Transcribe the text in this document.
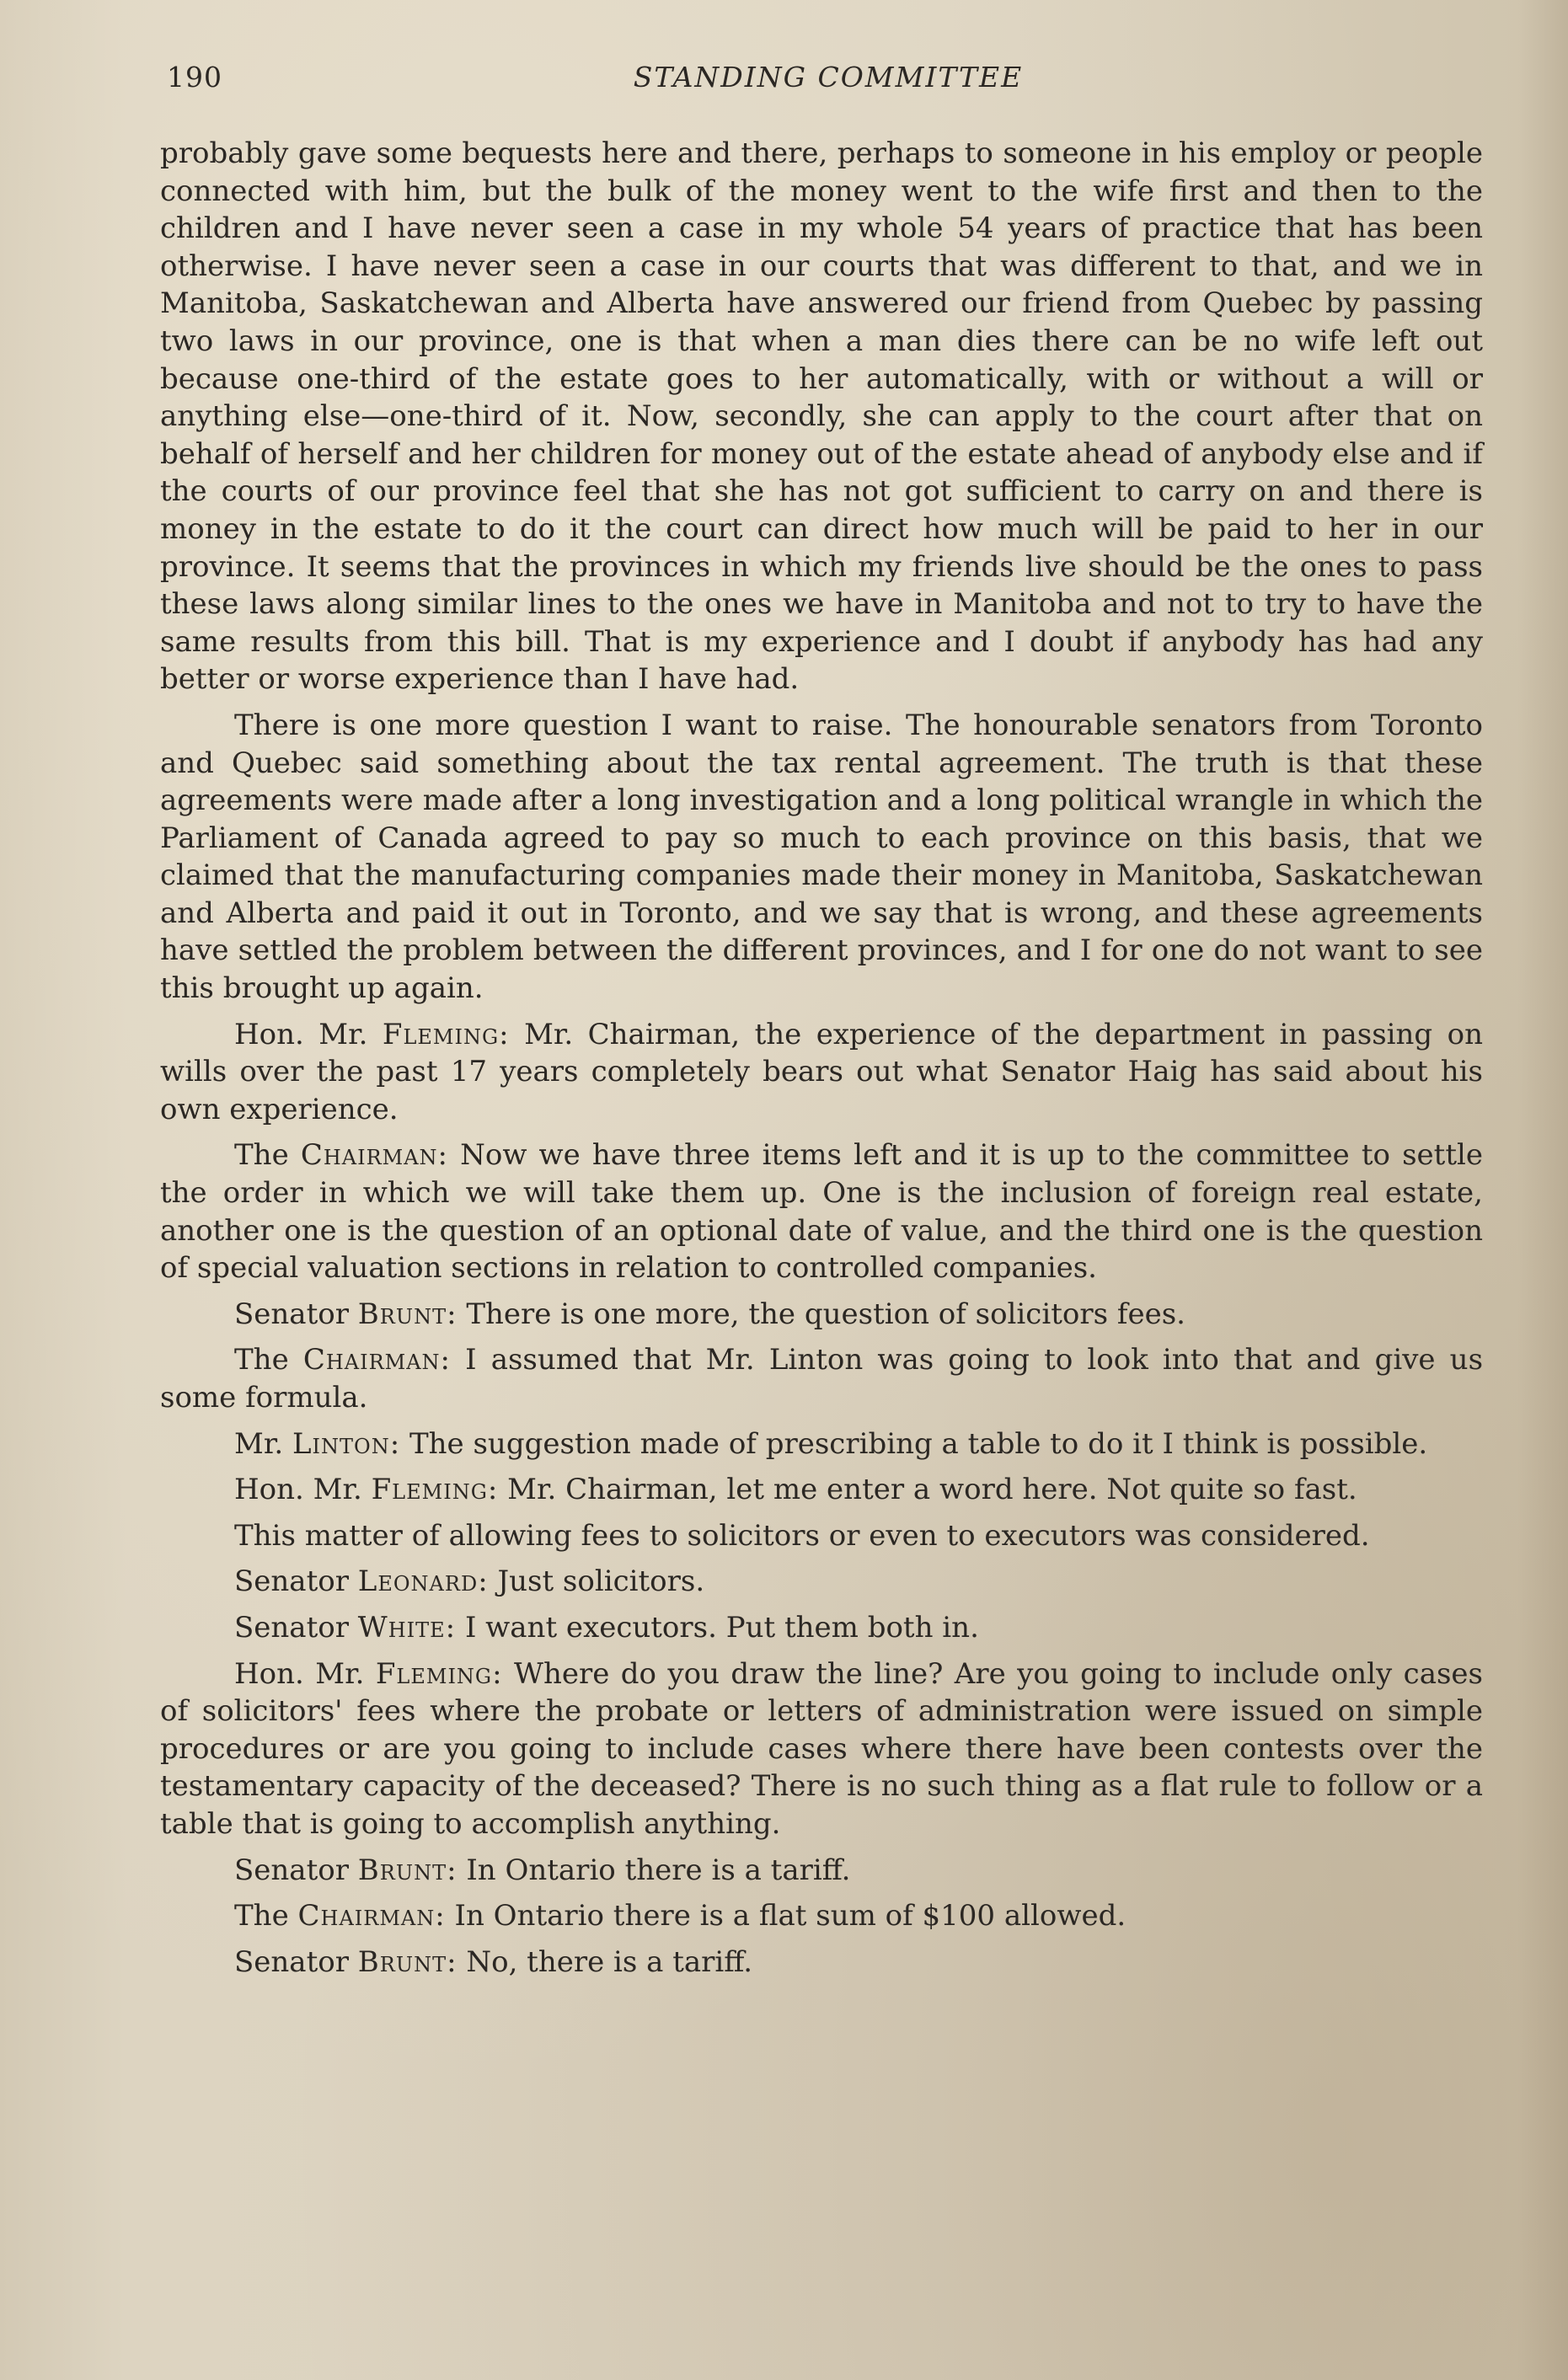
190	STANDING COMMITTEE

probably gave some bequests here and there, perhaps to someone in his employ or people connected with him, but the bulk of the money went to the wife first and then to the children and I have never seen a case in my whole 54 years of practice that has been otherwise. I have never seen a case in our courts that was different to that, and we in Manitoba, Saskatchewan and Alberta have answered our friend from Quebec by passing two laws in our province, one is that when a man dies there can be no wife left out because one-third of the estate goes to her automatically, with or without a will or anything else—one-third of it. Now, secondly, she can apply to the court after that on behalf of herself and her children for money out of the estate ahead of anybody else and if the courts of our province feel that she has not got sufficient to carry on and there is money in the estate to do it the court can direct how much will be paid to her in our province. It seems that the provinces in which my friends live should be the ones to pass these laws along similar lines to the ones we have in Manitoba and not to try to have the same results from this bill. That is my experience and I doubt if anybody has had any better or worse experience than I have had.

There is one more question I want to raise. The honourable senators from Toronto and Quebec said something about the tax rental agreement. The truth is that these agreements were made after a long investigation and a long political wrangle in which the Parliament of Canada agreed to pay so much to each province on this basis, that we claimed that the manufacturing companies made their money in Manitoba, Saskatchewan and Alberta and paid it out in Toronto, and we say that is wrong, and these agreements have settled the problem between the different provinces, and I for one do not want to see this brought up again.

Hon. Mr. Fleming: Mr. Chairman, the experience of the department in passing on wills over the past 17 years completely bears out what Senator Haig has said about his own experience.

The Chairman: Now we have three items left and it is up to the committee to settle the order in which we will take them up. One is the inclusion of foreign real estate, another one is the question of an optional date of value, and the third one is the question of special valuation sections in relation to controlled companies.

Senator Brunt: There is one more, the question of solicitors fees.

The Chairman: I assumed that Mr. Linton was going to look into that and give us some formula.

Mr. Linton: The suggestion made of prescribing a table to do it I think is possible.

Hon. Mr. Fleming: Mr. Chairman, let me enter a word here. Not quite so fast.

This matter of allowing fees to solicitors or even to executors was considered.

Senator Leonard: Just solicitors.

Senator White: I want executors. Put them both in.

Hon. Mr. Fleming: Where do you draw the line? Are you going to include only cases of solicitors' fees where the probate or letters of administration were issued on simple procedures or are you going to include cases where there have been contests over the testamentary capacity of the deceased? There is no such thing as a flat rule to follow or a table that is going to accomplish anything.

Senator Brunt: In Ontario there is a tariff.

The Chairman: In Ontario there is a flat sum of $100 allowed.

Senator Brunt: No, there is a tariff.
